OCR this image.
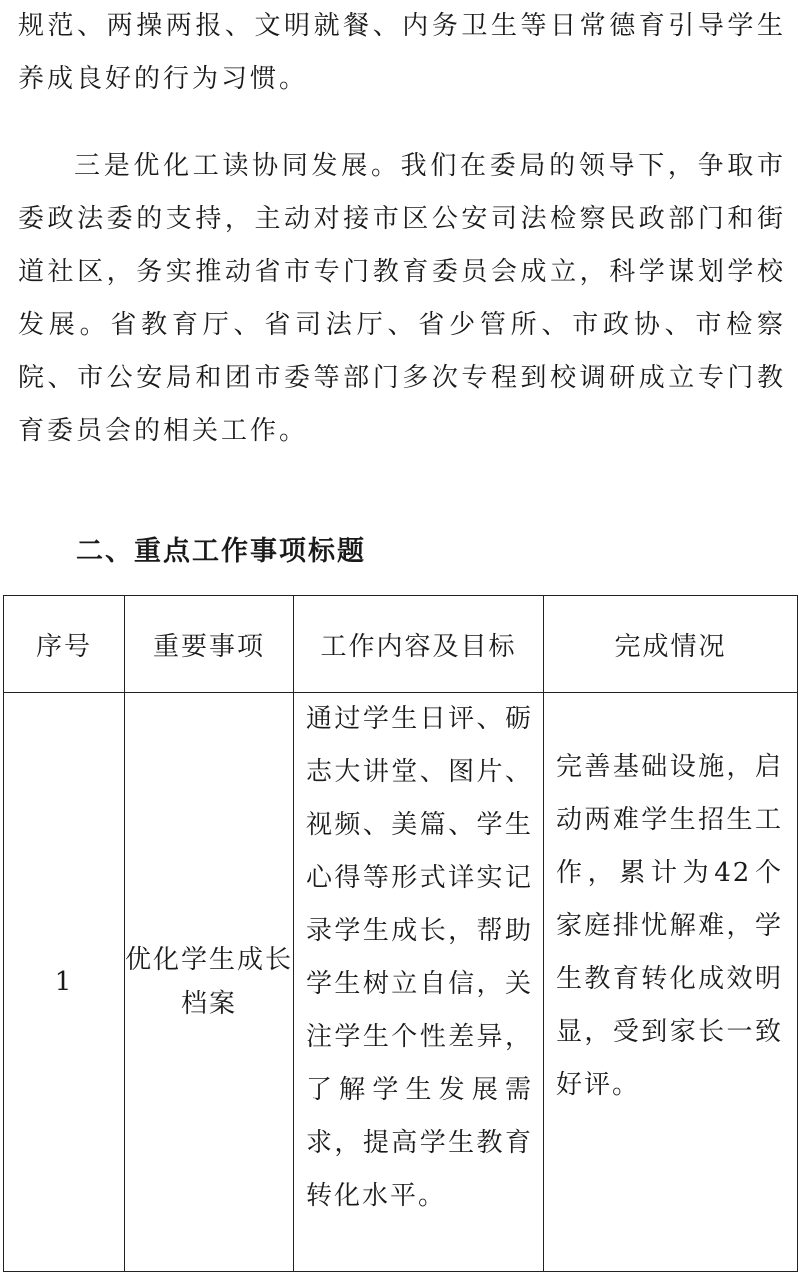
规范、两操两报、文明就餐、内务卫生等日常德育引导学生养成良好的行为习惯。

三是优化工读协同发展。我们在委局的领导下，争取市委政法委的支持，主动对接市区公安司法检察民政部门和街道社区，务实推动省市专门教育委员会成立，科学谋划学校发展。省教育厅、省司法厅、省少管所、市政协、市检察院、市公安局和团市委等部门多次专程到校调研成立专门教育委员会的相关工作。

二、重点工作事项标题
序号	重要事项	工作内容及目标	完成情况
1	优化学生成长档案	通过学生日评、砺志大讲堂、图片、视频、美篇、学生心得等形式详实记录学生成长，帮助学生树立自信，关注学生个性差异，了解学生发展需求，提高学生教育转化水平。	完善基础设施，启动两难学生招生工作，累计为42个家庭排忧解难，学生教育转化成效明显，受到家长一致好评。
